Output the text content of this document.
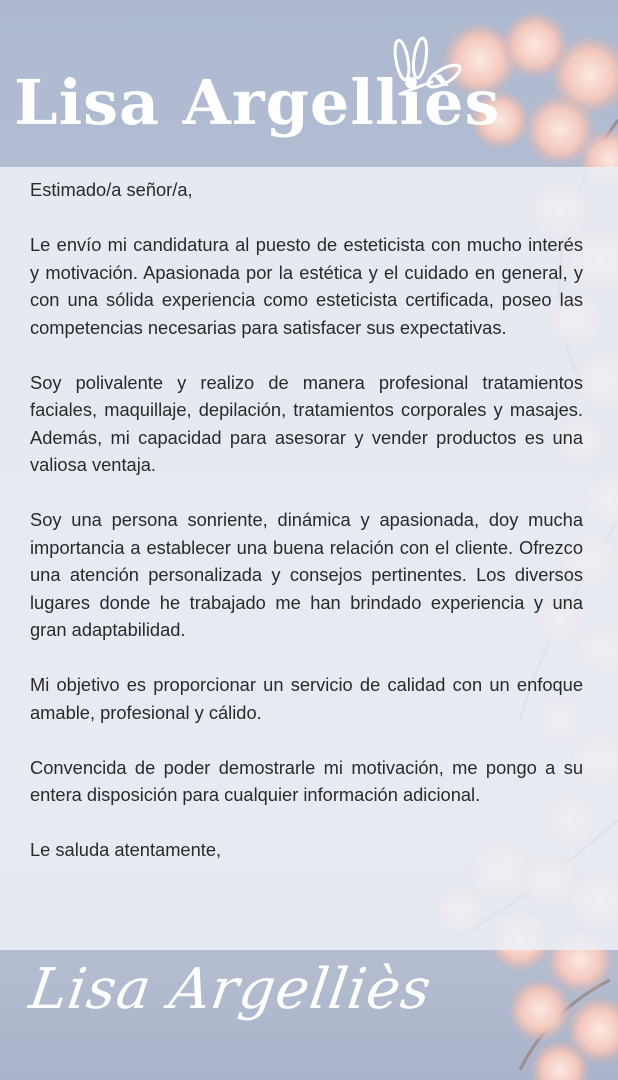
Lisa Argelliès

Estimado/a señor/a,

Le envío mi candidatura al puesto de esteticista con mucho interés y motivación. Apasionada por la estética y el cuidado en general, y con una sólida experiencia como esteticista certificada, poseo las competencias necesarias para satisfacer sus expectativas.

Soy polivalente y realizo de manera profesional tratamientos faciales, maquillaje, depilación, tratamientos corporales y masajes. Además, mi capacidad para asesorar y vender productos es una valiosa ventaja.

Soy una persona sonriente, dinámica y apasionada, doy mucha importancia a establecer una buena relación con el cliente. Ofrezco una atención personalizada y consejos pertinentes. Los diversos lugares donde he trabajado me han brindado experiencia y una gran adaptabilidad.

Mi objetivo es proporcionar un servicio de calidad con un enfoque amable, profesional y cálido.

Convencida de poder demostrarle mi motivación, me pongo a su entera disposición para cualquier información adicional.

Le saluda atentamente,

Lisa Argelliès
